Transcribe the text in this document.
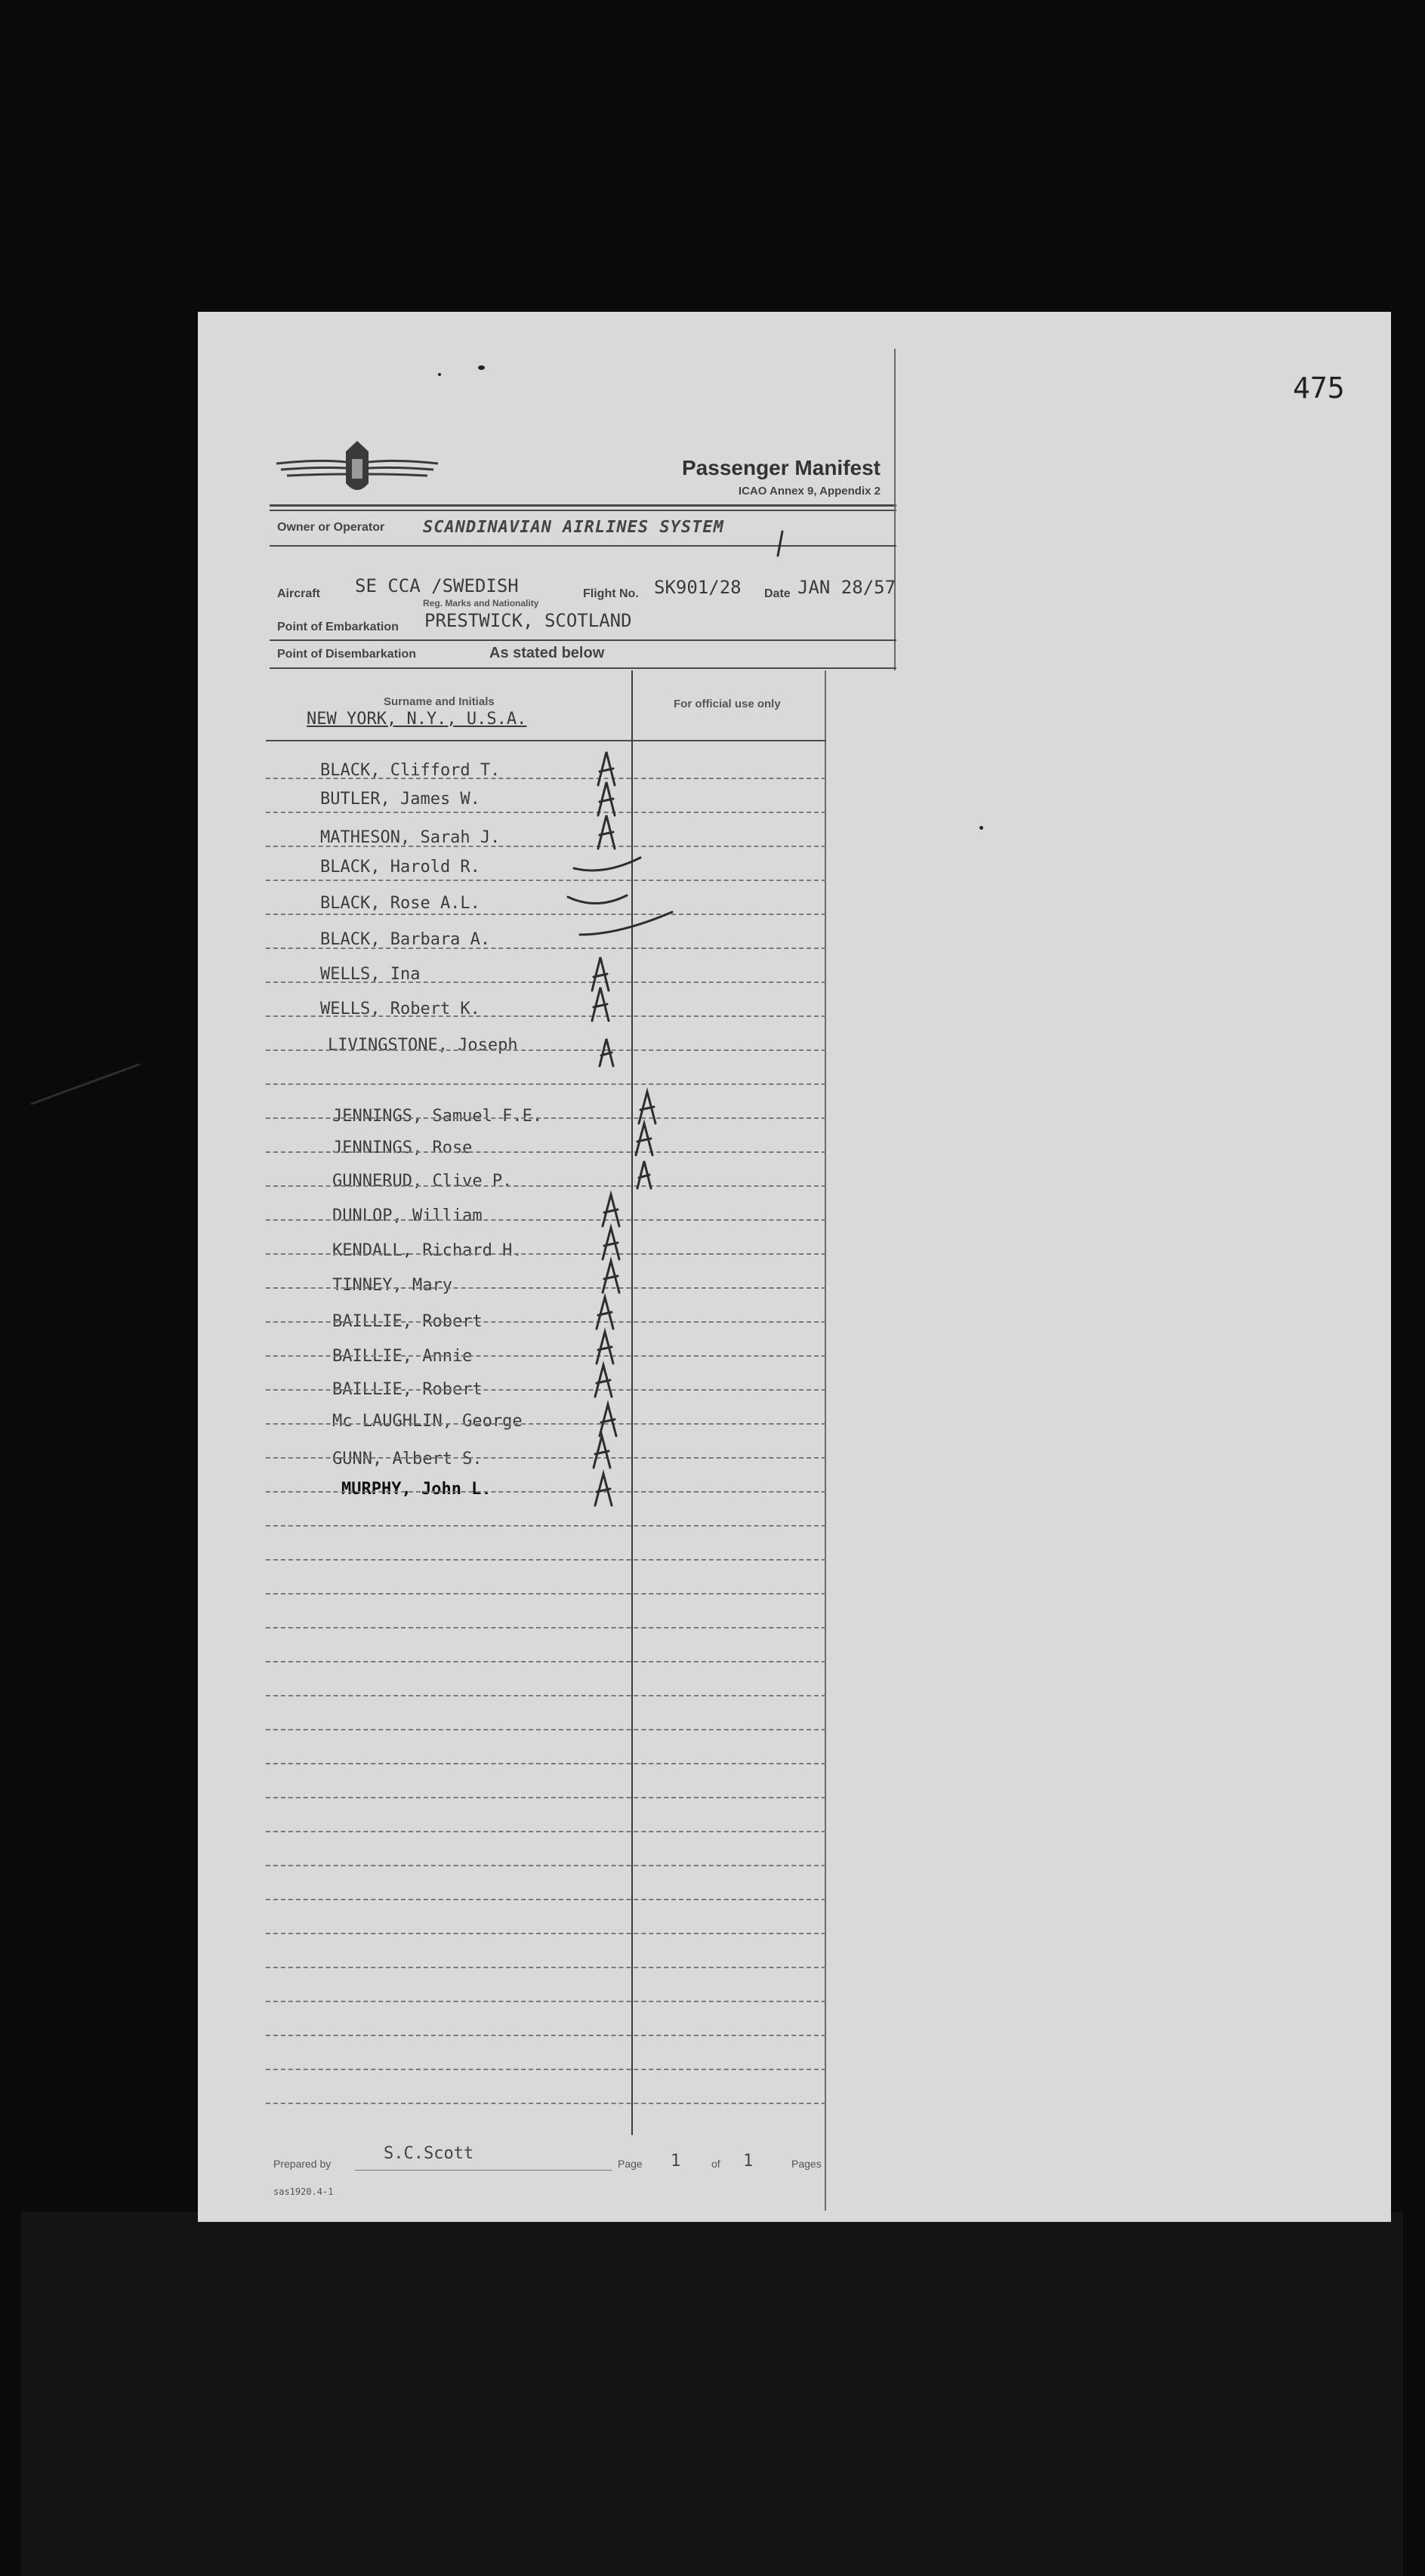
475
Passenger Manifest
ICAO Annex 9, Appendix 2
Owner or Operator SCANDINAVIAN AIRLINES SYSTEM
Aircraft SE CCA /SWEDISH
Reg. Marks and Nationality
Flight No. SK901/28 Date JAN 28/57
Point of Embarkation PRESTWICK, SCOTLAND
Point of Disembarkation	As stated below
Surname and Initials	For official use only
NEW YORK, N.Y., U.S.A.
BLACK, Clifford T.
BUTLER, James W.
MATHESON, Sarah J.
BLACK, Harold R.
BLACK, Rose A.L.
BLACK, Barbara A.
WELLS, Ina
WELLS, Robert K.
LIVINGSTONE, Joseph
JENNINGS, Samuel F.E.
JENNINGS, Rose
GUNNERUD, Clive P.
DUNLOP, William
KENDALL, Richard H.
TINNEY, Mary
BAILLIE, Robert
BAILLIE, Annie
BAILLIE, Robert
Mc LAUGHLIN, George
GUNN, Albert S.
MURPHY, John L.
Prepared by
S.C.Scott
Page 1	of 1	Pages
sas1920.4-1
